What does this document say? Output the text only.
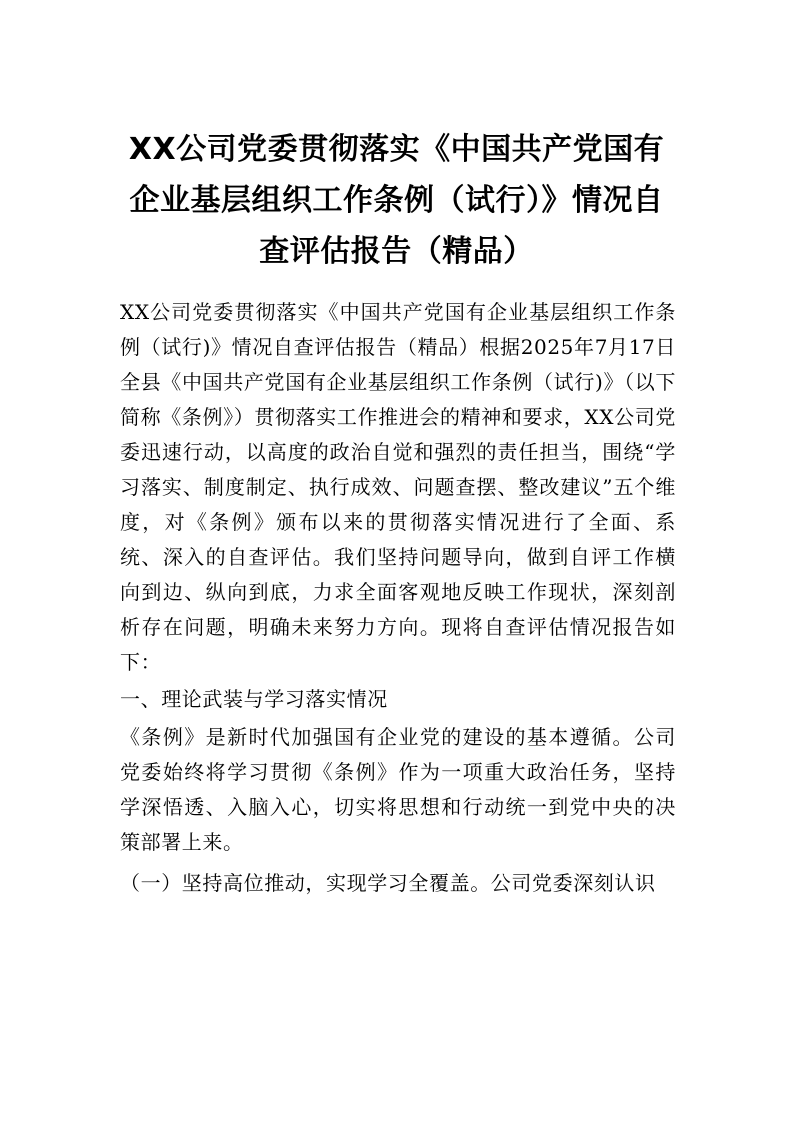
XX公司党委贯彻落实《中国共产党国有企业基层组织工作条例（试行）》情况自查评估报告（精品）

XX公司党委贯彻落实《中国共产党国有企业基层组织工作条例（试行)》情况自查评估报告（精品）根据2025年7月17日全县《中国共产党国有企业基层组织工作条例（试行)》（以下简称《条例》）贯彻落实工作推进会的精神和要求，XX公司党委迅速行动，以高度的政治自觉和强烈的责任担当，围绕“学习落实、制度制定、执行成效、问题查摆、整改建议”五个维度，对《条例》颁布以来的贯彻落实情况进行了全面、系统、深入的自查评估。我们坚持问题导向，做到自评工作横向到边、纵向到底，力求全面客观地反映工作现状，深刻剖析存在问题，明确未来努力方向。现将自查评估情况报告如下：

一、理论武装与学习落实情况

《条例》是新时代加强国有企业党的建设的基本遵循。公司党委始终将学习贯彻《条例》作为一项重大政治任务，坚持学深悟透、入脑入心，切实将思想和行动统一到党中央的决策部署上来。

（一）坚持高位推动，实现学习全覆盖。公司党委深刻认识
